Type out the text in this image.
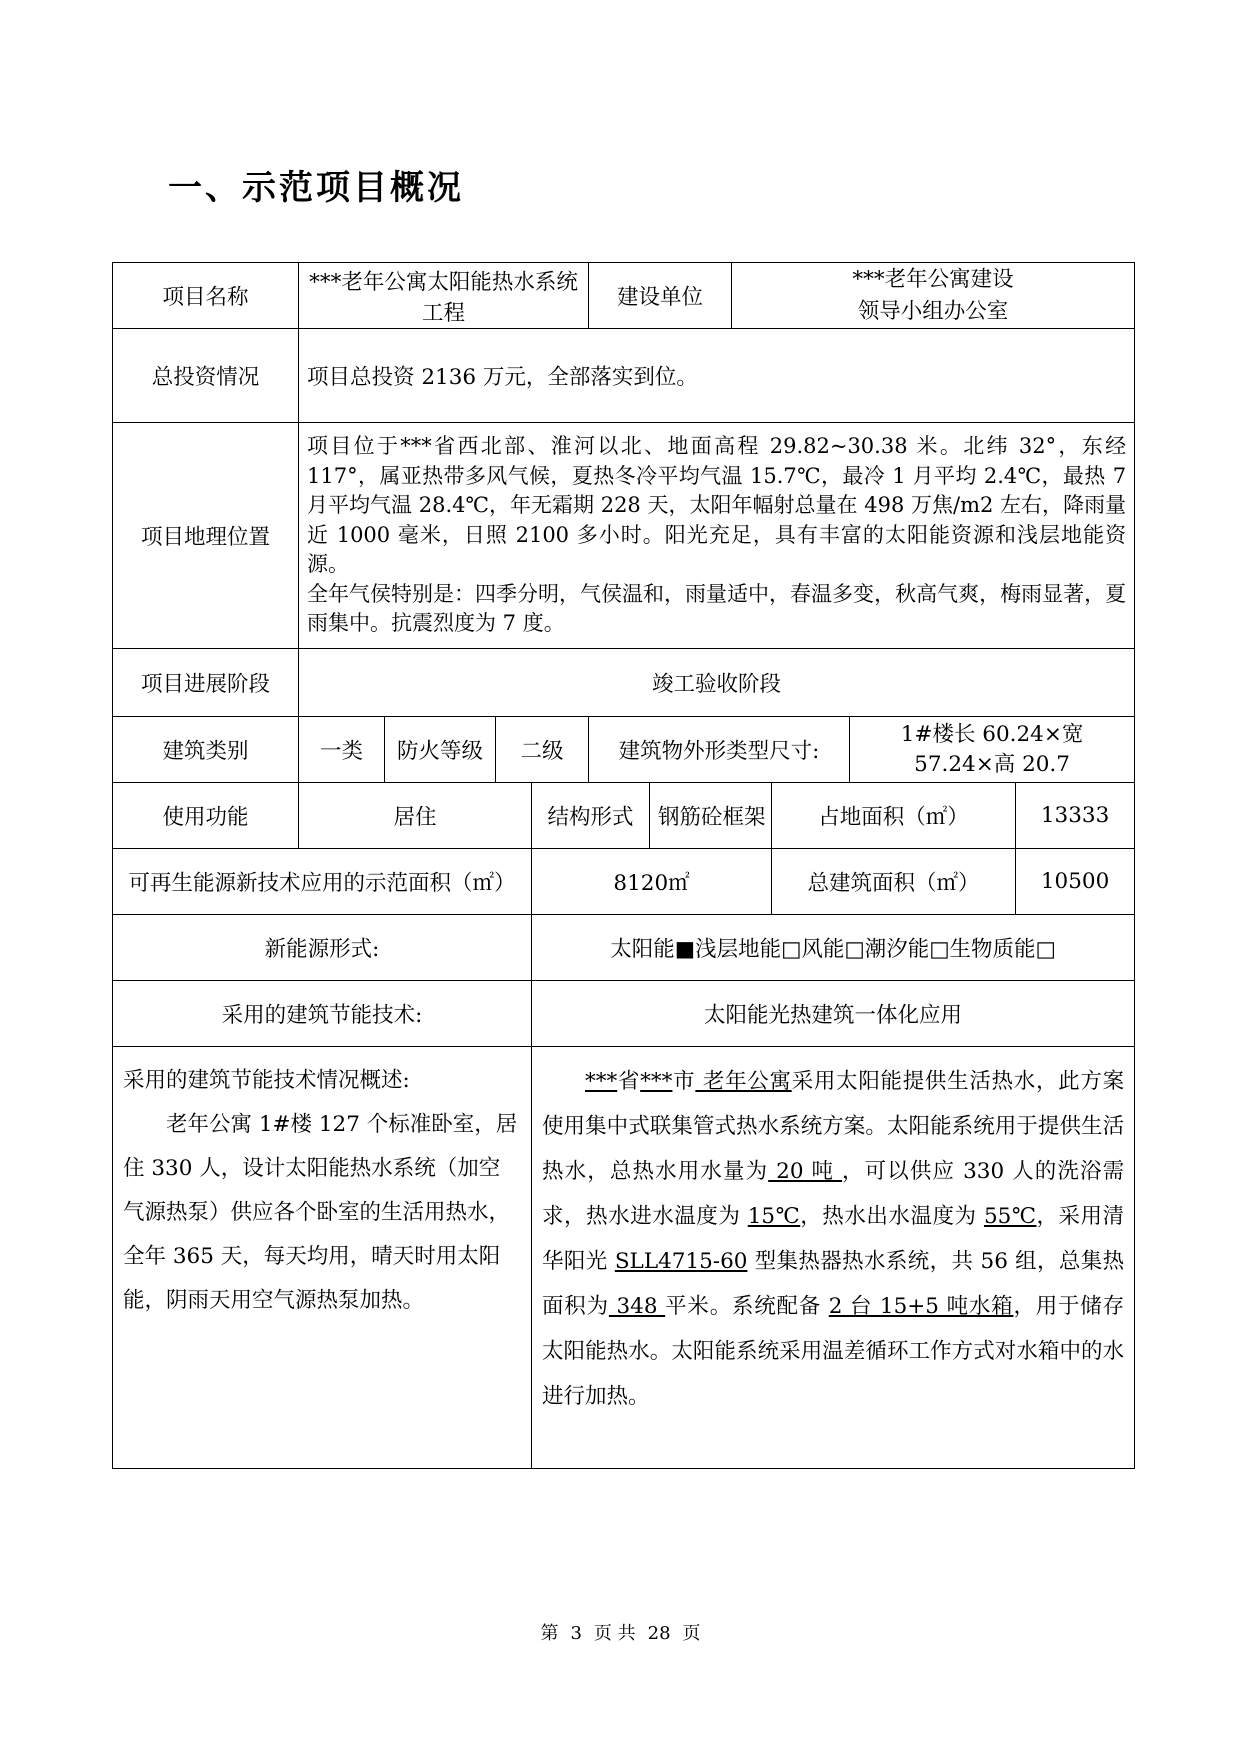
一、示范项目概况
项目名称	***老年公寓太阳能热水系统工程				建设单位		***老年公寓建设
领导小组办公室			

总投资情况	项目总投资 2136 万元，全部落实到位。									
项目地理位置	项目位于***省西北部、淮河以北、地面高程 29.82~30.38 米。北纬 32°，东经 117°，属亚热带多风气候，夏热冬冷平均气温 15.7℃，最冷 1 月平均 2.4℃，最热 7 月平均气温 28.4℃，年无霜期 228 天，太阳年幅射总量在 498 万焦/m2 左右，降雨量近 1000 毫米，日照 2100 多小时。阳光充足，具有丰富的太阳能资源和浅层地能资源。

全年气侯特别是：四季分明，气侯温和，雨量适中，春温多变，秋高气爽，梅雨显著，夏雨集中。抗震烈度为 7 度。									

项目进展阶段	竣工验收阶段									
建筑类别	一类	防火等级	二级		建筑物外形类型尺寸:				1#楼长 60.24×宽
57.24×高 20.7	

使用功能	居住			结构形式		钢筋砼框架		占地面积（㎡）		13333
可再生能源新技术应用的示范面积（㎡）				8120㎡				总建筑面积（㎡）		10500
新能源形式:				太阳能■浅层地能□风能□潮汐能□生物质能□						
采用的建筑节能技术:				太阳能光热建筑一体化应用						

采用的建筑节能技术情况概述:

老年公寓 1#楼 127 个标准卧室，居住 330 人，设计太阳能热水系统（加空气源热泵）供应各个卧室的生活用热水，全年 365 天，每天均用，晴天时用太阳能，阴雨天用空气源热泵加热。				***省***市 老年公寓采用太阳能提供生活热水，此方案使用集中式联集管式热水系统方案。太阳能系统用于提供生活热水，总热水用水量为 20 吨 ，可以供应 330 人的洗浴需求，热水进水温度为 15℃，热水出水温度为 55℃，采用清华阳光 SLL4715-60 型集热器热水系统，共 56 组，总集热面积为 348 平米。系统配备 2 台 15+5 吨水箱，用于储存太阳能热水。太阳能系统采用温差循环工作方式对水箱中的水进行加热。						

第 3 页 共 28 页
